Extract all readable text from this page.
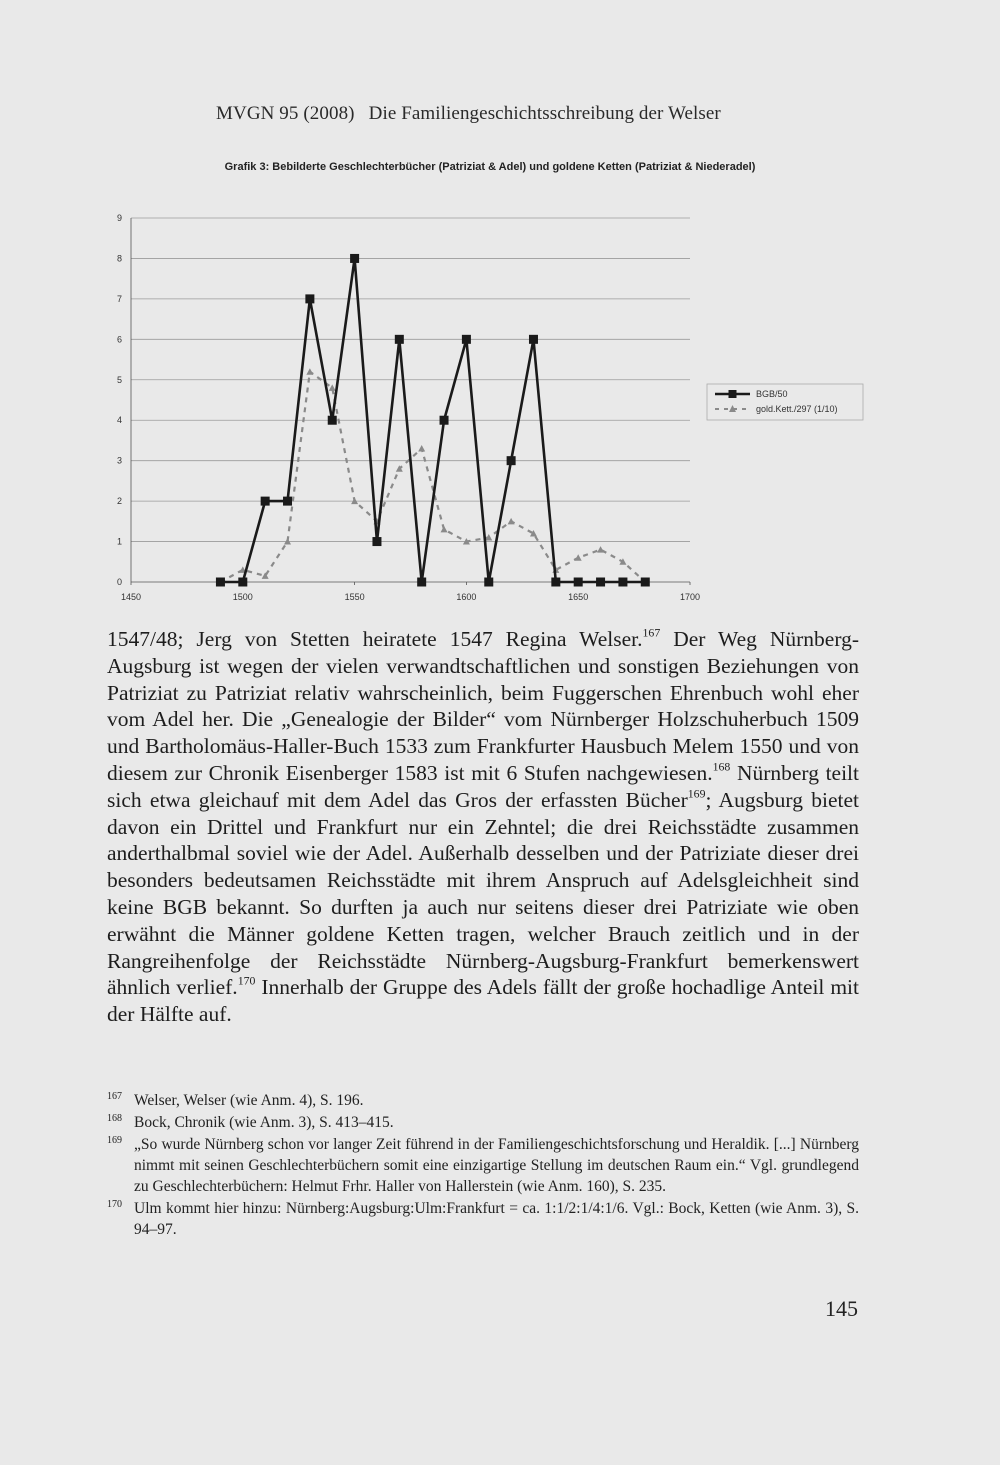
MVGN 95 (2008) Die Familiengeschichtsschreibung der Welser
Grafik 3: Bebilderte Geschlechterbücher (Patriziat & Adel) und goldene Ketten (Patriziat & Niederadel)
0
1
2
3
4
5
6
7
8
9
1450	1500	1550	1600	1650	1700
BGB/50
gold.Kett./297 (1/10)
1547/48; Jerg von Stetten heiratete 1547 Regina Welser.$^{167}$ Der Weg Nürnberg-Augsburg ist wegen der vielen verwandtschaftlichen und sonstigen Beziehungen von Patriziat zu Patriziat relativ wahrscheinlich, beim Fuggerschen Ehrenbuch wohl eher vom Adel her. Die „Genealogie der Bilder“ vom Nürnberger Holzschuherbuch 1509 und Bartholomäus-Haller-Buch 1533 zum Frankfurter Hausbuch Melem 1550 und von diesem zur Chronik Eisenberger 1583 ist mit 6 Stufen nachgewiesen.$^{168}$ Nürnberg teilt sich etwa gleichauf mit dem Adel das Gros der erfassten Bücher$^{169}$; Augsburg bietet davon ein Drittel und Frankfurt nur ein Zehntel; die drei Reichsstädte zusammen anderthalbmal soviel wie der Adel. Außerhalb desselben und der Patriziate dieser drei besonders bedeutsamen Reichsstädte mit ihrem Anspruch auf Adelsgleichheit sind keine BGB bekannt. So durften ja auch nur seitens dieser drei Patriziate wie oben erwähnt die Männer goldene Ketten tragen, welcher Brauch zeitlich und in der Rangreihenfolge der Reichsstädte Nürnberg-Augsburg-Frankfurt bemerkenswert ähnlich verlief.$^{170}$ Innerhalb der Gruppe des Adels fällt der große hochadlige Anteil mit der Hälfte auf.
167 Welser, Welser (wie Anm. 4), S. 196.
168 Bock, Chronik (wie Anm. 3), S. 413–415.
169 „So wurde Nürnberg schon vor langer Zeit führend in der Familiengeschichtsforschung und Heraldik. [...] Nürnberg nimmt mit seinen Geschlechterbüchern somit eine einzigartige Stellung im deutschen Raum ein.“ Vgl. grundlegend zu Geschlechterbüchern: Helmut Frhr. Haller von Hallerstein (wie Anm. 160), S. 235.
170 Ulm kommt hier hinzu: Nürnberg:Augsburg:Ulm:Frankfurt = ca. 1:1/2:1/4:1/6. Vgl.: Bock, Ketten (wie Anm. 3), S. 94–97.
145
